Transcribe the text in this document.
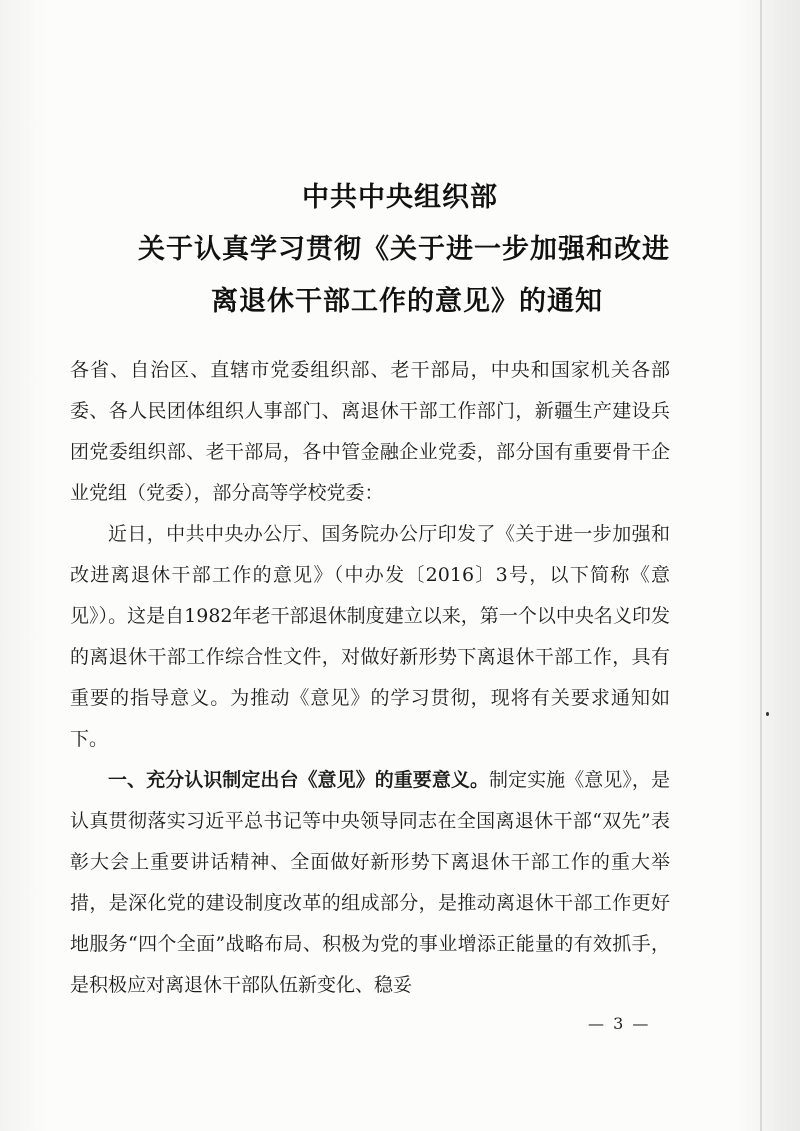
中共中央组织部
关于认真学习贯彻《关于进一步加强和改进
离退休干部工作的意见》的通知

各省、自治区、直辖市党委组织部、老干部局，中央和国家机关各部委、各人民团体组织人事部门、离退休干部工作部门，新疆生产建设兵团党委组织部、老干部局，各中管金融企业党委，部分国有重要骨干企业党组（党委），部分高等学校党委：

近日，中共中央办公厅、国务院办公厅印发了《关于进一步加强和改进离退休干部工作的意见》（中办发〔2016〕3号，以下简称《意见》）。这是自1982年老干部退休制度建立以来，第一个以中央名义印发的离退休干部工作综合性文件，对做好新形势下离退休干部工作，具有重要的指导意义。为推动《意见》的学习贯彻，现将有关要求通知如下。

一、充分认识制定出台《意见》的重要意义。制定实施《意见》，是认真贯彻落实习近平总书记等中央领导同志在全国离退休干部“双先”表彰大会上重要讲话精神、全面做好新形势下离退休干部工作的重大举措，是深化党的建设制度改革的组成部分，是推动离退休干部工作更好地服务“四个全面”战略布局、积极为党的事业增添正能量的有效抓手，是积极应对离退休干部队伍新变化、稳妥

— 3 —
